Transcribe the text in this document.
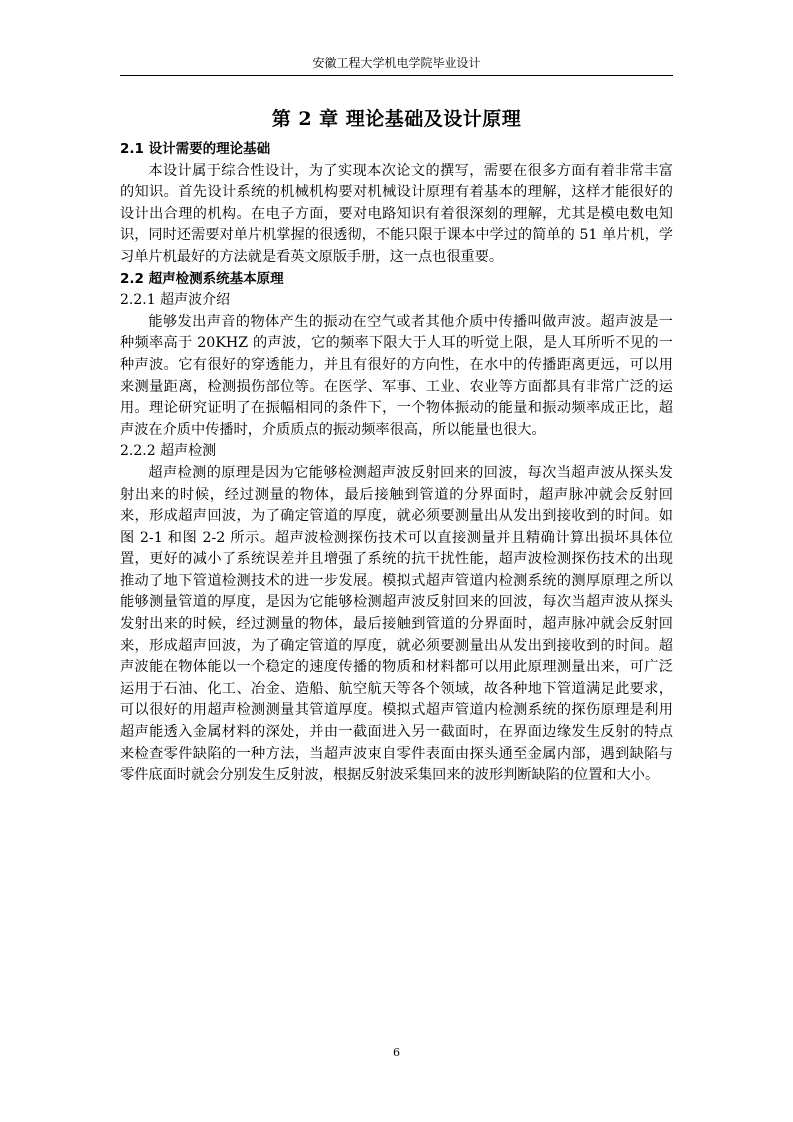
安徽工程大学机电学院毕业设计
第 2 章 理论基础及设计原理
2.1 设计需要的理论基础

本设计属于综合性设计，为了实现本次论文的撰写，需要在很多方面有着非常丰富的知识。首先设计系统的机械机构要对机械设计原理有着基本的理解，这样才能很好的设计出合理的机构。在电子方面，要对电路知识有着很深刻的理解，尤其是模电数电知识，同时还需要对单片机掌握的很透彻，不能只限于课本中学过的简单的 51 单片机，学习单片机最好的方法就是看英文原版手册，这一点也很重要。

2.2 超声检测系统基本原理
2.2.1 超声波介绍

能够发出声音的物体产生的振动在空气或者其他介质中传播叫做声波。超声波是一种频率高于 20KHZ 的声波，它的频率下限大于人耳的听觉上限，是人耳所听不见的一种声波。它有很好的穿透能力，并且有很好的方向性，在水中的传播距离更远，可以用来测量距离，检测损伤部位等。在医学、军事、工业、农业等方面都具有非常广泛的运用。理论研究证明了在振幅相同的条件下，一个物体振动的能量和振动频率成正比，超声波在介质中传播时，介质质点的振动频率很高，所以能量也很大。

2.2.2 超声检测

超声检测的原理是因为它能够检测超声波反射回来的回波，每次当超声波从探头发射出来的时候，经过测量的物体，最后接触到管道的分界面时，超声脉冲就会反射回来，形成超声回波，为了确定管道的厚度，就必须要测量出从发出到接收到的时间。如图 2-1 和图 2-2 所示。超声波检测探伤技术可以直接测量并且精确计算出损坏具体位置，更好的减小了系统误差并且增强了系统的抗干扰性能，超声波检测探伤技术的出现推动了地下管道检测技术的进一步发展。模拟式超声管道内检测系统的测厚原理之所以能够测量管道的厚度，是因为它能够检测超声波反射回来的回波，每次当超声波从探头发射出来的时候，经过测量的物体，最后接触到管道的分界面时，超声脉冲就会反射回来，形成超声回波，为了确定管道的厚度，就必须要测量出从发出到接收到的时间。超声波能在物体能以一个稳定的速度传播的物质和材料都可以用此原理测量出来，可广泛运用于石油、化工、冶金、造船、航空航天等各个领域，故各种地下管道满足此要求，可以很好的用超声检测测量其管道厚度。模拟式超声管道内检测系统的探伤原理是利用超声能透入金属材料的深处，并由一截面进入另一截面时，在界面边缘发生反射的特点来检查零件缺陷的一种方法，当超声波束自零件表面由探头通至金属内部，遇到缺陷与零件底面时就会分别发生反射波，根据反射波采集回来的波形判断缺陷的位置和大小。

6
